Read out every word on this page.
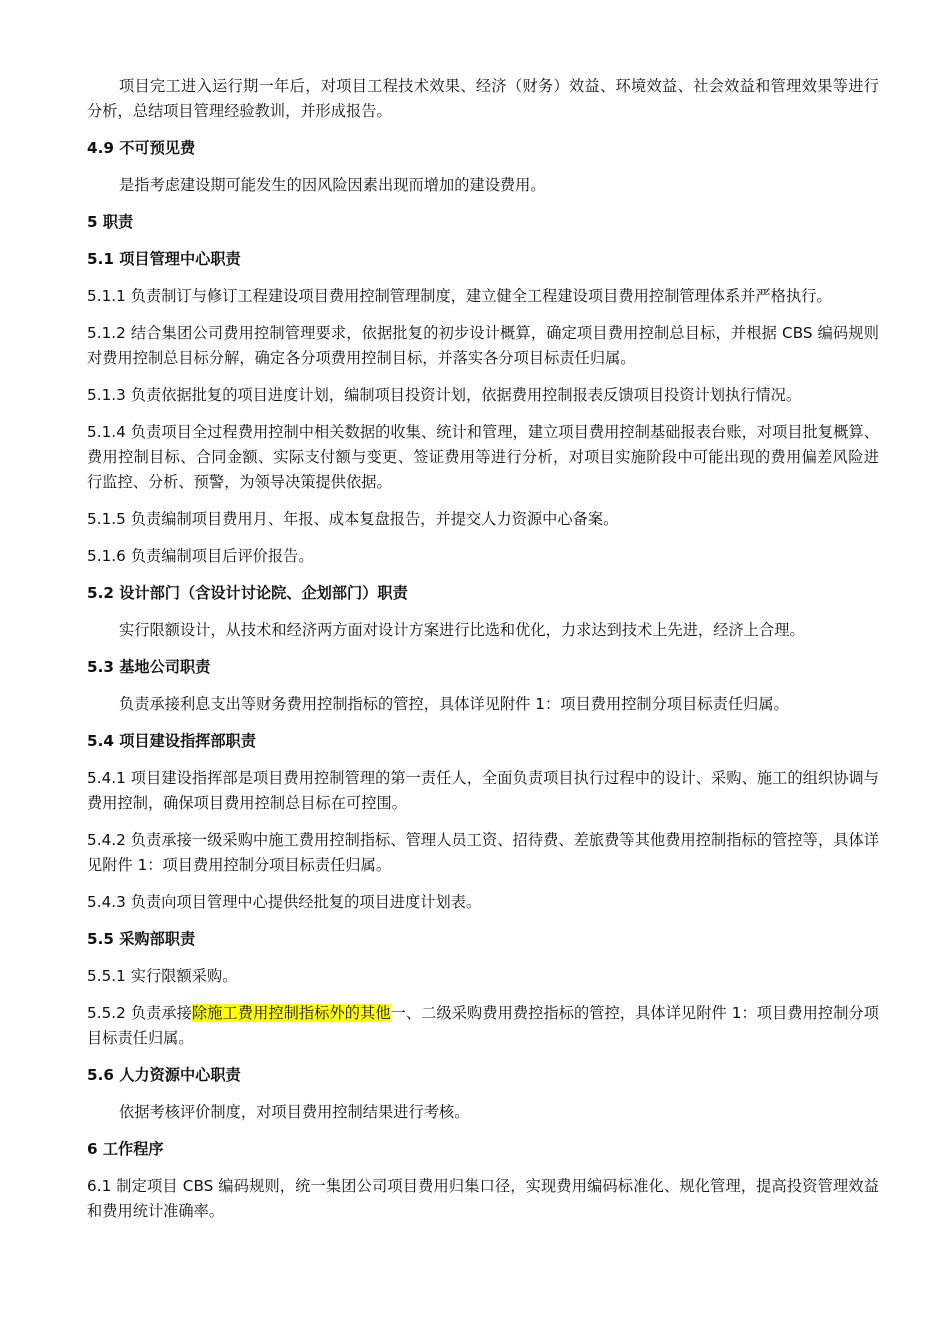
项目完工进入运行期一年后，对项目工程技术效果、经济（财务）效益、环境效益、社会效益和管理效果等进行分析，总结项目管理经验教训，并形成报告。

4.9 不可预见费

是指考虑建设期可能发生的因风险因素出现而增加的建设费用。

5 职责

5.1 项目管理中心职责

5.1.1 负责制订与修订工程建设项目费用控制管理制度，建立健全工程建设项目费用控制管理体系并严格执行。

5.1.2 结合集团公司费用控制管理要求，依据批复的初步设计概算，确定项目费用控制总目标，并根据 CBS 编码规则对费用控制总目标分解，确定各分项费用控制目标，并落实各分项目标责任归属。

5.1.3 负责依据批复的项目进度计划，编制项目投资计划，依据费用控制报表反馈项目投资计划执行情况。

5.1.4 负责项目全过程费用控制中相关数据的收集、统计和管理，建立项目费用控制基础报表台账，对项目批复概算、费用控制目标、合同金额、实际支付额与变更、签证费用等进行分析，对项目实施阶段中可能出现的费用偏差风险进行监控、分析、预警，为领导决策提供依据。

5.1.5 负责编制项目费用月、年报、成本复盘报告，并提交人力资源中心备案。

5.1.6 负责编制项目后评价报告。

5.2 设计部门（含设计讨论院、企划部门）职责

实行限额设计，从技术和经济两方面对设计方案进行比选和优化，力求达到技术上先进，经济上合理。

5.3 基地公司职责

负责承接利息支出等财务费用控制指标的管控，具体详见附件 1：项目费用控制分项目标责任归属。

5.4 项目建设指挥部职责

5.4.1 项目建设指挥部是项目费用控制管理的第一责任人，全面负责项目执行过程中的设计、采购、施工的组织协调与费用控制，确保项目费用控制总目标在可控围。

5.4.2 负责承接一级采购中施工费用控制指标、管理人员工资、招待费、差旅费等其他费用控制指标的管控等，具体详见附件 1：项目费用控制分项目标责任归属。

5.4.3 负责向项目管理中心提供经批复的项目进度计划表。

5.5 采购部职责

5.5.1 实行限额采购。

5.5.2 负责承接除施工费用控制指标外的其他一、二级采购费用费控指标的管控，具体详见附件 1：项目费用控制分项目标责任归属。

5.6 人力资源中心职责

依据考核评价制度，对项目费用控制结果进行考核。

6 工作程序

6.1 制定项目 CBS 编码规则，统一集团公司项目费用归集口径，实现费用编码标准化、规化管理，提高投资管理效益和费用统计准确率。
